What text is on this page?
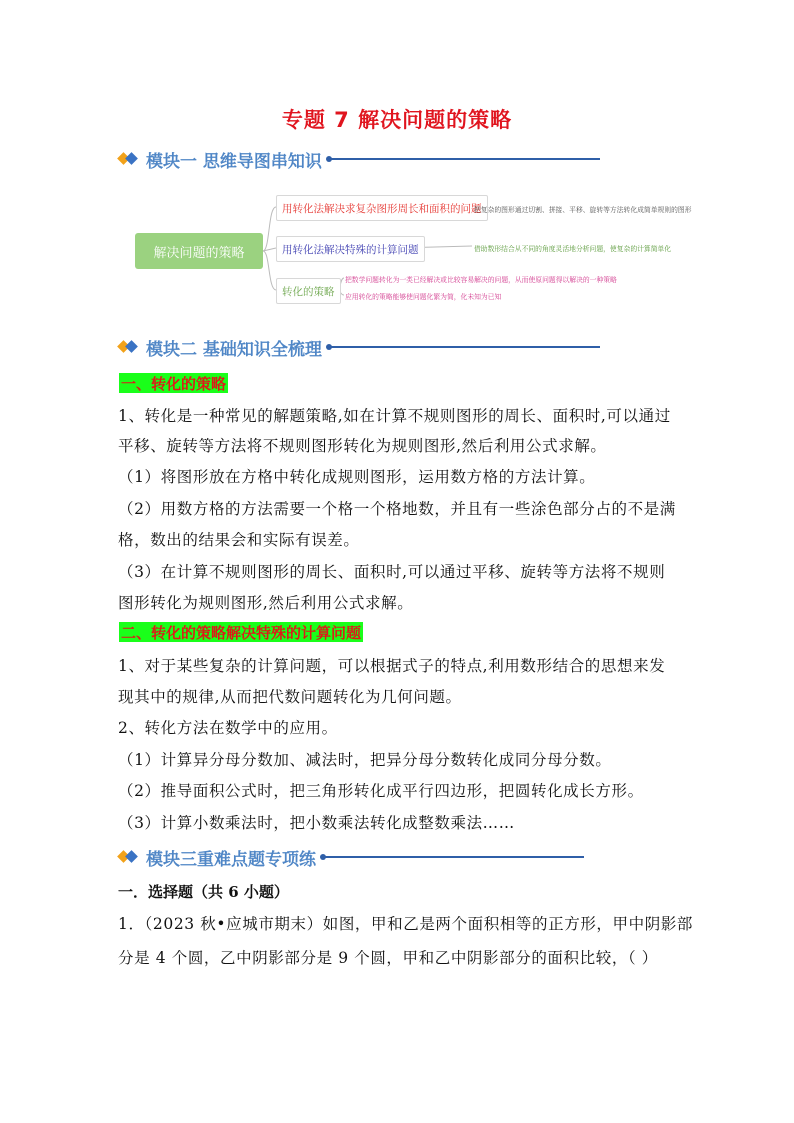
专题 7 解决问题的策略
模块一 思维导图串知识
解决问题的策略
用转化法解决求复杂图形周长和面积的问题
用转化法解决特殊的计算问题
转化的策略
把复杂的图形通过切割、拼接、平移、旋转等方法转化成简单规则的图形
借助数形结合从不同的角度灵活地分析问题，使复杂的计算简单化
把数学问题转化为一类已经解决或比较容易解决的问题，从而使原问题得以解决的一种策略
应用转化的策略能够使问题化繁为简，化未知为已知
模块二 基础知识全梳理
一、转化的策略
1、转化是一种常见的解题策略,如在计算不规则图形的周长、面积时,可以通过
平移、旋转等方法将不规则图形转化为规则图形,然后利用公式求解。
（1）将图形放在方格中转化成规则图形，运用数方格的方法计算。
（2）用数方格的方法需要一个格一个格地数，并且有一些涂色部分占的不是满
格，数出的结果会和实际有误差。
（3）在计算不规则图形的周长、面积时,可以通过平移、旋转等方法将不规则
图形转化为规则图形,然后利用公式求解。
二、转化的策略解决特殊的计算问题
1、对于某些复杂的计算问题，可以根据式子的特点,利用数形结合的思想来发
现其中的规律,从而把代数问题转化为几何问题。
2、转化方法在数学中的应用。
（1）计算异分母分数加、减法时，把异分母分数转化成同分母分数。
（2）推导面积公式时，把三角形转化成平行四边形，把圆转化成长方形。
（3）计算小数乘法时，把小数乘法转化成整数乘法……
模块三重难点题专项练
一．选择题（共 6 小题）
1．（2023 秋•应城市期末）如图，甲和乙是两个面积相等的正方形，甲中阴影部
分是 4 个圆，乙中阴影部分是 9 个圆，甲和乙中阴影部分的面积比较，（ ）
